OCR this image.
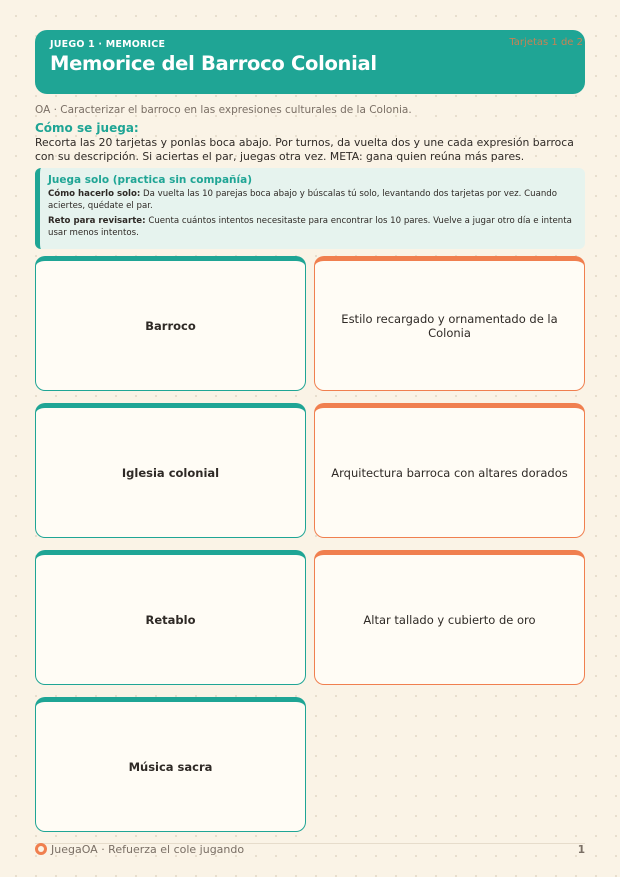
JUEGO 1 · MEMORICE
Memorice del Barroco Colonial
Tarjetas 1 de 2
OA · Caracterizar el barroco en las expresiones culturales de la Colonia.
Cómo se juega:
Recorta las 20 tarjetas y ponlas boca abajo. Por turnos, da vuelta dos y une cada expresión barroca con su descripción. Si aciertas el par, juegas otra vez. META: gana quien reúna más pares.
Juega solo (practica sin compañía)
Cómo hacerlo solo: Da vuelta las 10 parejas boca abajo y búscalas tú solo, levantando dos tarjetas por vez. Cuando aciertes, quédate el par.
Reto para revisarte: Cuenta cuántos intentos necesitaste para encontrar los 10 pares. Vuelve a jugar otro día e intenta usar menos intentos.
Barroco	Estilo recargado y ornamentado de la Colonia
Iglesia colonial	Arquitectura barroca con altares dorados
Retablo	Altar tallado y cubierto de oro
Música sacra
JuegaOA · Refuerza el cole jugando	1
